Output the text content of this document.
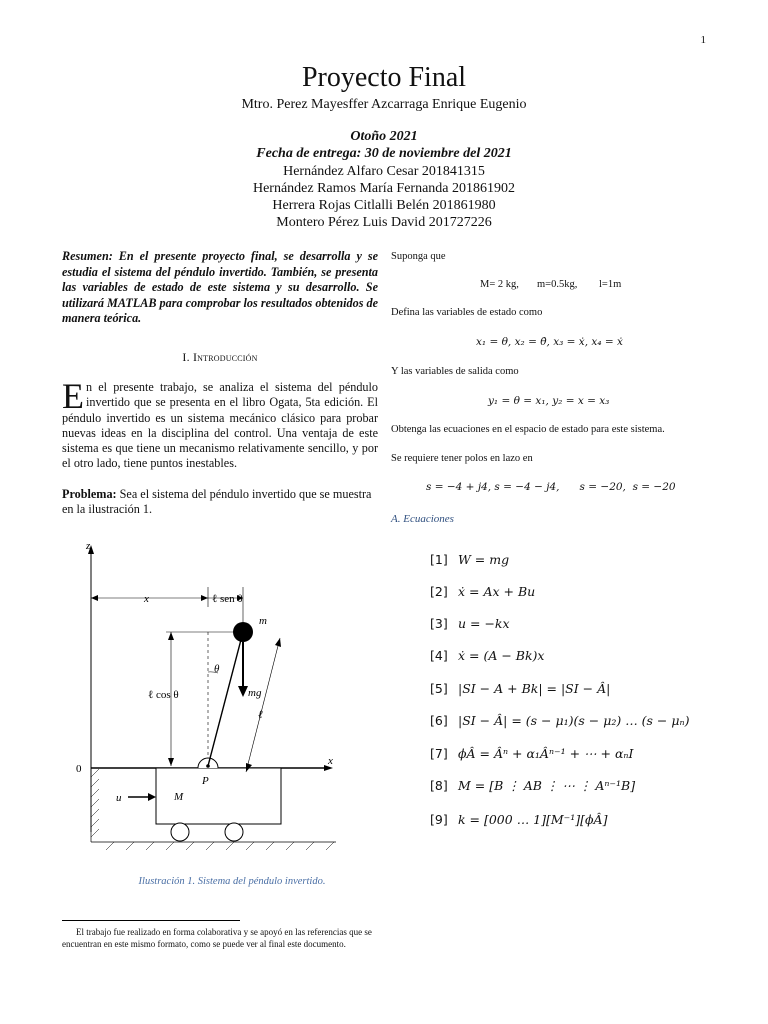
1
Proyecto Final
Mtro. Perez Mayesffer Azcarraga Enrique Eugenio
Otoño 2021
Fecha de entrega: 30 de noviembre del 2021
Hernández Alfaro Cesar 201841315
Hernández Ramos María Fernanda 201861902
Herrera Rojas Citlalli Belén 201861980
Montero Pérez Luis David 201727226
Resumen: En el presente proyecto final, se desarrolla y se estudia el sistema del péndulo invertido. También, se presenta las variables de estado de este sistema y su desarrollo. Se utilizará MATLAB para comprobar los resultados obtenidos de manera teórica.
I. Introducción
En el presente trabajo, se analiza el sistema del péndulo invertido que se presenta en el libro Ogata, 5ta edición. El péndulo invertido es un sistema mecánico clásico para probar nuevas ideas en la disciplina del control. Una ventaja de este sistema es que tiene un mecanismo relativamente sencillo, y por el otro lado, tiene puntos inestables.
Problema: Sea el sistema del péndulo invertido que se muestra en la ilustración 1.
z
x
0
M
u
P
m
mg
θ
x	ℓ sen θ
ℓ cos θ
ℓ
Ilustración 1. Sistema del péndulo invertido.
El trabajo fue realizado en forma colaborativa y se apoyó en las referencias que se encuentran en este mismo formato, como se puede ver al final este documento.
Suponga que
M= 2 kg, m=0.5kg, l=1m
Defina las variables de estado como
x₁ = θ, x₂ = θ̇, x₃ = ẋ, x₄ = ẋ
Y las variables de salida como
y₁ = θ = x₁, y₂ = x = x₃
Obtenga las ecuaciones en el espacio de estado para este sistema.
Se requiere tener polos en lazo en
s = −4 + j4, s = −4 − j4,      s = −20,  s = −20
A. Ecuaciones
[1] W = mg
[2] ẋ = Ax + Bu
[3] u = −kx
[4] ẋ = (A − Bk)x
[5] |SI − A + Bk| = |SI − Â|
[6] |SI − Â| = (s − μ₁)(s − μ₂) … (s − μₙ)
[7] ϕÂ = Âⁿ + α₁Âⁿ⁻¹ + ⋯ + αₙI
[8] M = [B ⋮ AB ⋮ ⋯ ⋮ Aⁿ⁻¹B]
[9] k = [000 … 1][M⁻¹][ϕÂ]
